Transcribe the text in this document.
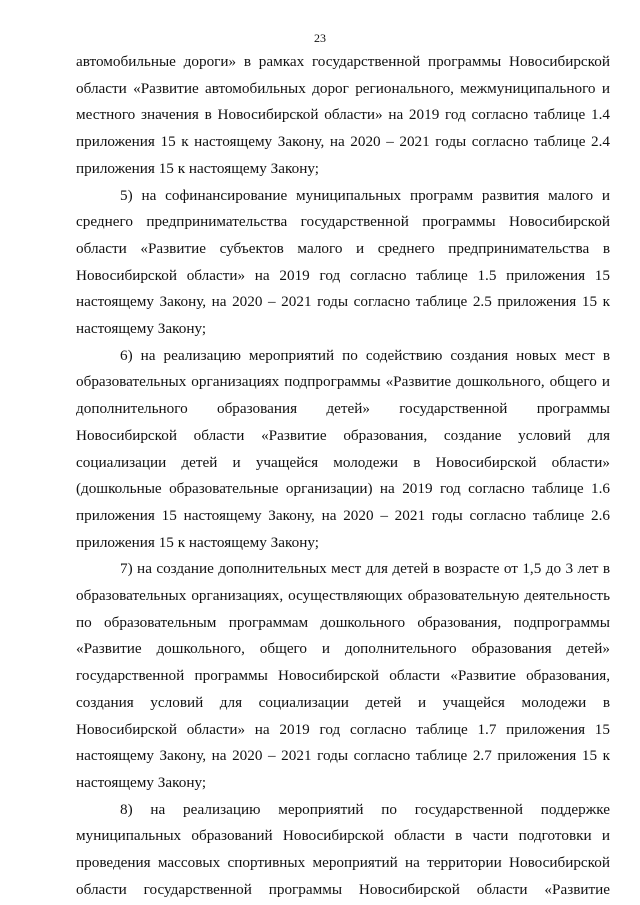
23

автомобильные дороги» в рамках государственной программы Новосибирской области «Развитие автомобильных дорог регионального, межмуниципального и местного значения в Новосибирской области» на 2019 год согласно таблице 1.4 приложения 15 к настоящему Закону, на 2020 – 2021 годы согласно таблице 2.4 приложения 15 к настоящему Закону;

5) на софинансирование муниципальных программ развития малого и среднего предпринимательства государственной программы Новосибирской области «Развитие субъектов малого и среднего предпринимательства в Новосибирской области» на 2019 год согласно таблице 1.5 приложения 15 настоящему Закону, на 2020 – 2021 годы согласно таблице 2.5 приложения 15 к настоящему Закону;

6) на реализацию мероприятий по содействию создания новых мест в образовательных организациях подпрограммы «Развитие дошкольного, общего и дополнительного образования детей» государственной программы Новосибирской области «Развитие образования, создание условий для социализации детей и учащейся молодежи в Новосибирской области» (дошкольные образовательные организации) на 2019 год согласно таблице 1.6 приложения 15 настоящему Закону, на 2020 – 2021 годы согласно таблице 2.6 приложения 15 к настоящему Закону;

7) на создание дополнительных мест для детей в возрасте от 1,5 до 3 лет в образовательных организациях, осуществляющих образовательную деятельность по образовательным программам дошкольного образования, подпрограммы «Развитие дошкольного, общего и дополнительного образования детей» государственной программы Новосибирской области «Развитие образования, создания условий для социализации детей и учащейся молодежи в Новосибирской области» на 2019 год согласно таблице 1.7 приложения 15 настоящему Закону, на 2020 – 2021 годы согласно таблице 2.7 приложения 15 к настоящему Закону;

8) на реализацию мероприятий по государственной поддержке муниципальных образований Новосибирской области в части подготовки и проведения массовых спортивных мероприятий на территории Новосибирской области государственной программы Новосибирской области «Развитие
